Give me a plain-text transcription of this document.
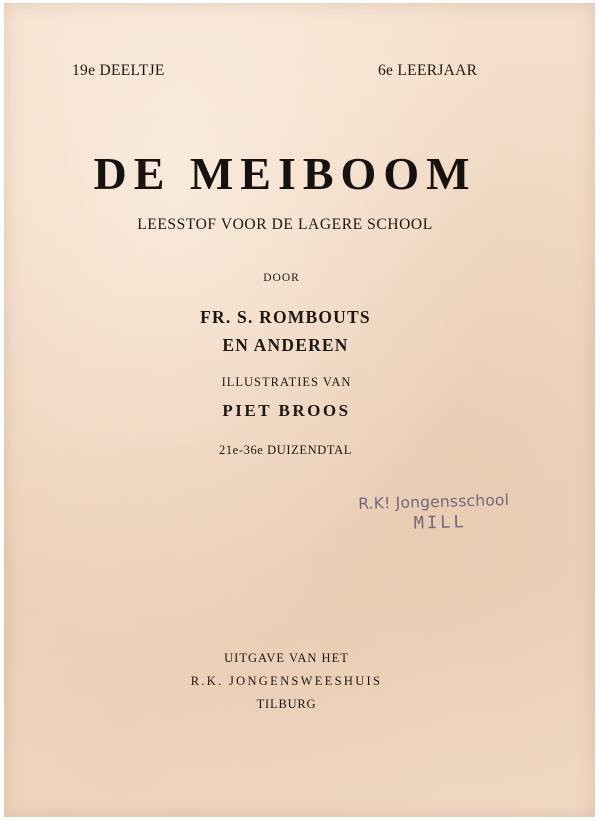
19e DEELTJE	6e LEERJAAR
DE MEIBOOM
LEESSTOF VOOR DE LAGERE SCHOOL
DOOR
FR. S. ROMBOUTS
EN ANDEREN
ILLUSTRATIES VAN
PIET BROOS
21e-36e DUIZENDTAL
R.K! Jongensschool
MILL
UITGAVE VAN HET
R.K. JONGENSWEESHUIS
TILBURG
